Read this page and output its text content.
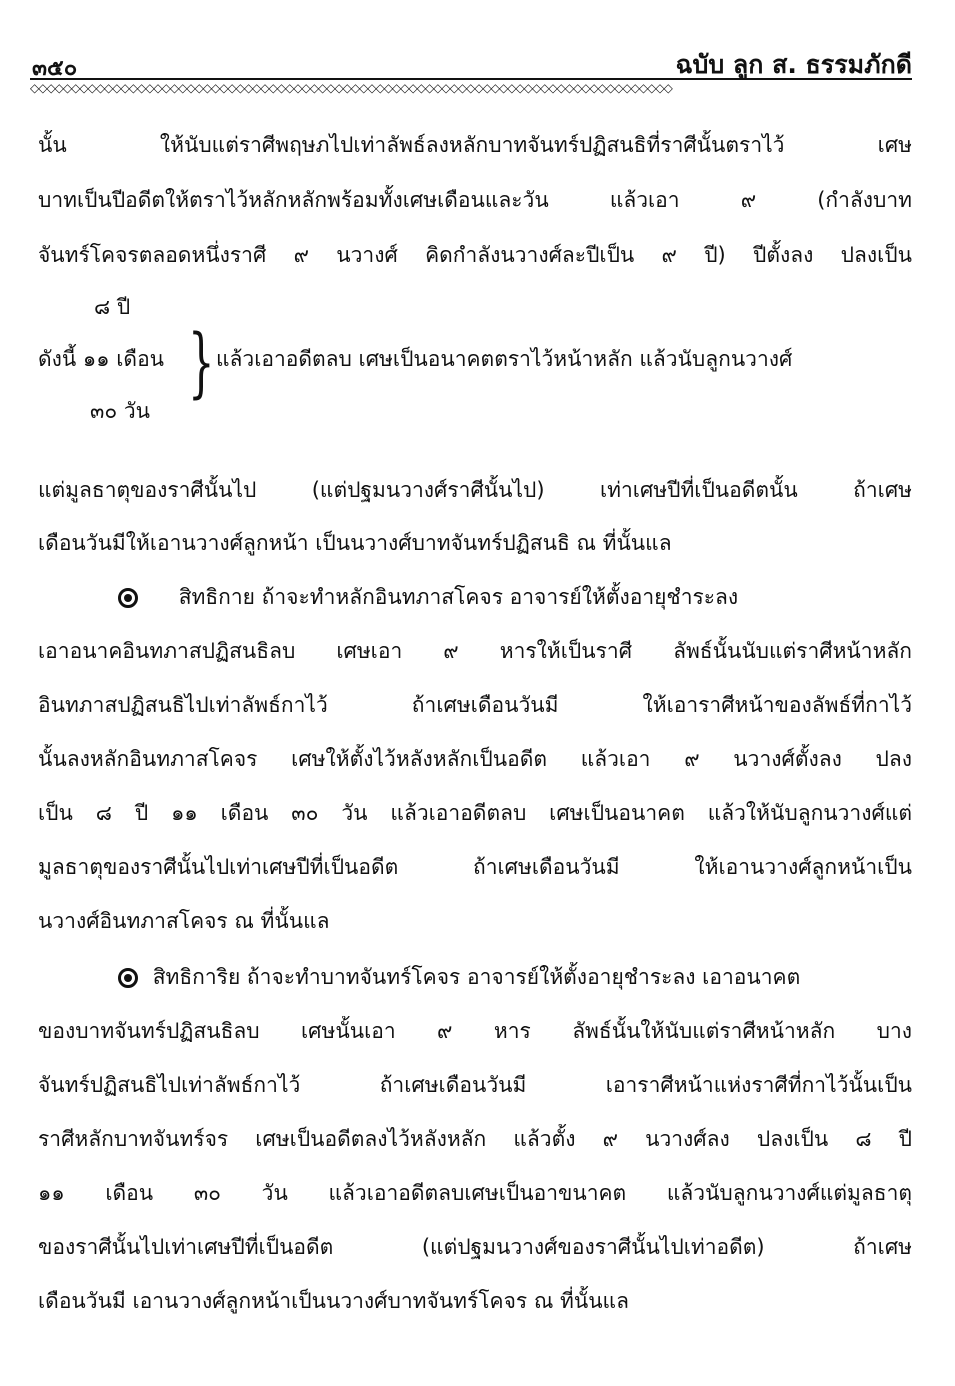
๓๕๐	ฉบับ ลูก ส. ธรรมภักดี
◇◇◇◇◇◇◇◇◇◇◇◇◇◇◇◇◇◇◇◇◇◇◇◇◇◇◇◇◇◇◇◇◇◇◇◇◇◇◇◇◇◇◇◇◇◇◇◇◇◇◇◇◇◇◇◇◇◇◇◇◇◇◇◇◇◇◇◇◇◇◇◇◇◇◇◇◇◇
นั้น ให้นับแต่ราศีพฤษภไปเท่าลัพธ์ลงหลักบาทจันทร์ปฏิสนธิที่ราศีนั้นตราไว้ เศษ
บาทเป็นปีอดีตให้ตราไว้หลักหลักพร้อมทั้งเศษเดือนและวัน แล้วเอา ๙ (กำลังบาท
จันทร์โคจรตลอดหนึ่งราศี ๙ นวางศ์ คิดกำลังนวางศ์ละปีเป็น ๙ ปี) ปีตั้งลง ปลงเป็น
๘ ปี
ดังนี้ ๑๑ เดือน
๓๐ วัน
} แล้วเอาอดีตลบ เศษเป็นอนาคตตราไว้หน้าหลัก แล้วนับลูกนวางศ์
แต่มูลธาตุของราศีนั้นไป (แต่ปฐมนวางศ์ราศีนั้นไป) เท่าเศษปีที่เป็นอดีตนั้น ถ้าเศษ
เดือนวันมีให้เอานวางศ์ลูกหน้า เป็นนวางศ์บาทจันทร์ปฏิสนธิ ณ ที่นั้นแล
สิทธิกาย ถ้าจะทำหลักอินทภาสโคจร อาจารย์ให้ตั้งอายุชำระลง
เอาอนาคอินทภาสปฏิสนธิลบ เศษเอา ๙ หารให้เป็นราศี ลัพธ์นั้นนับแต่ราศีหน้าหลัก
อินทภาสปฏิสนธิไปเท่าลัพธ์กาไว้ ถ้าเศษเดือนวันมี ให้เอาราศีหน้าของลัพธ์ที่กาไว้
นั้นลงหลักอินทภาสโคจร เศษให้ตั้งไว้หลังหลักเป็นอดีต แล้วเอา ๙ นวางศ์ตั้งลง ปลง
เป็น ๘ ปี ๑๑ เดือน ๓๐ วัน แล้วเอาอดีตลบ เศษเป็นอนาคต แล้วให้นับลูกนวางศ์แต่
มูลธาตุของราศีนั้นไปเท่าเศษปีที่เป็นอดีต ถ้าเศษเดือนวันมี ให้เอานวางศ์ลูกหน้าเป็น
นวางศ์อินทภาสโคจร ณ ที่นั้นแล
สิทธิการิย ถ้าจะทำบาทจันทร์โคจร อาจารย์ให้ตั้งอายุชำระลง เอาอนาคต
ของบาทจันทร์ปฏิสนธิลบ เศษนั้นเอา ๙ หาร ลัพธ์นั้นให้นับแต่ราศีหน้าหลัก บาง
จันทร์ปฏิสนธิไปเท่าลัพธ์กาไว้ ถ้าเศษเดือนวันมี เอาราศีหน้าแห่งราศีที่กาไว้นั้นเป็น
ราศีหลักบาทจันทร์จร เศษเป็นอดีตลงไว้หลังหลัก แล้วตั้ง ๙ นวางศ์ลง ปลงเป็น ๘ ปี
๑๑ เดือน ๓๐ วัน แล้วเอาอดีตลบเศษเป็นอาขนาคต แล้วนับลูกนวางศ์แต่มูลธาตุ
ของราศีนั้นไปเท่าเศษปีที่เป็นอดีต (แต่ปฐมนวางศ์ของราศีนั้นไปเท่าอดีต) ถ้าเศษ
เดือนวันมี เอานวางศ์ลูกหน้าเป็นนวางศ์บาทจันทร์โคจร ณ ที่นั้นแล
